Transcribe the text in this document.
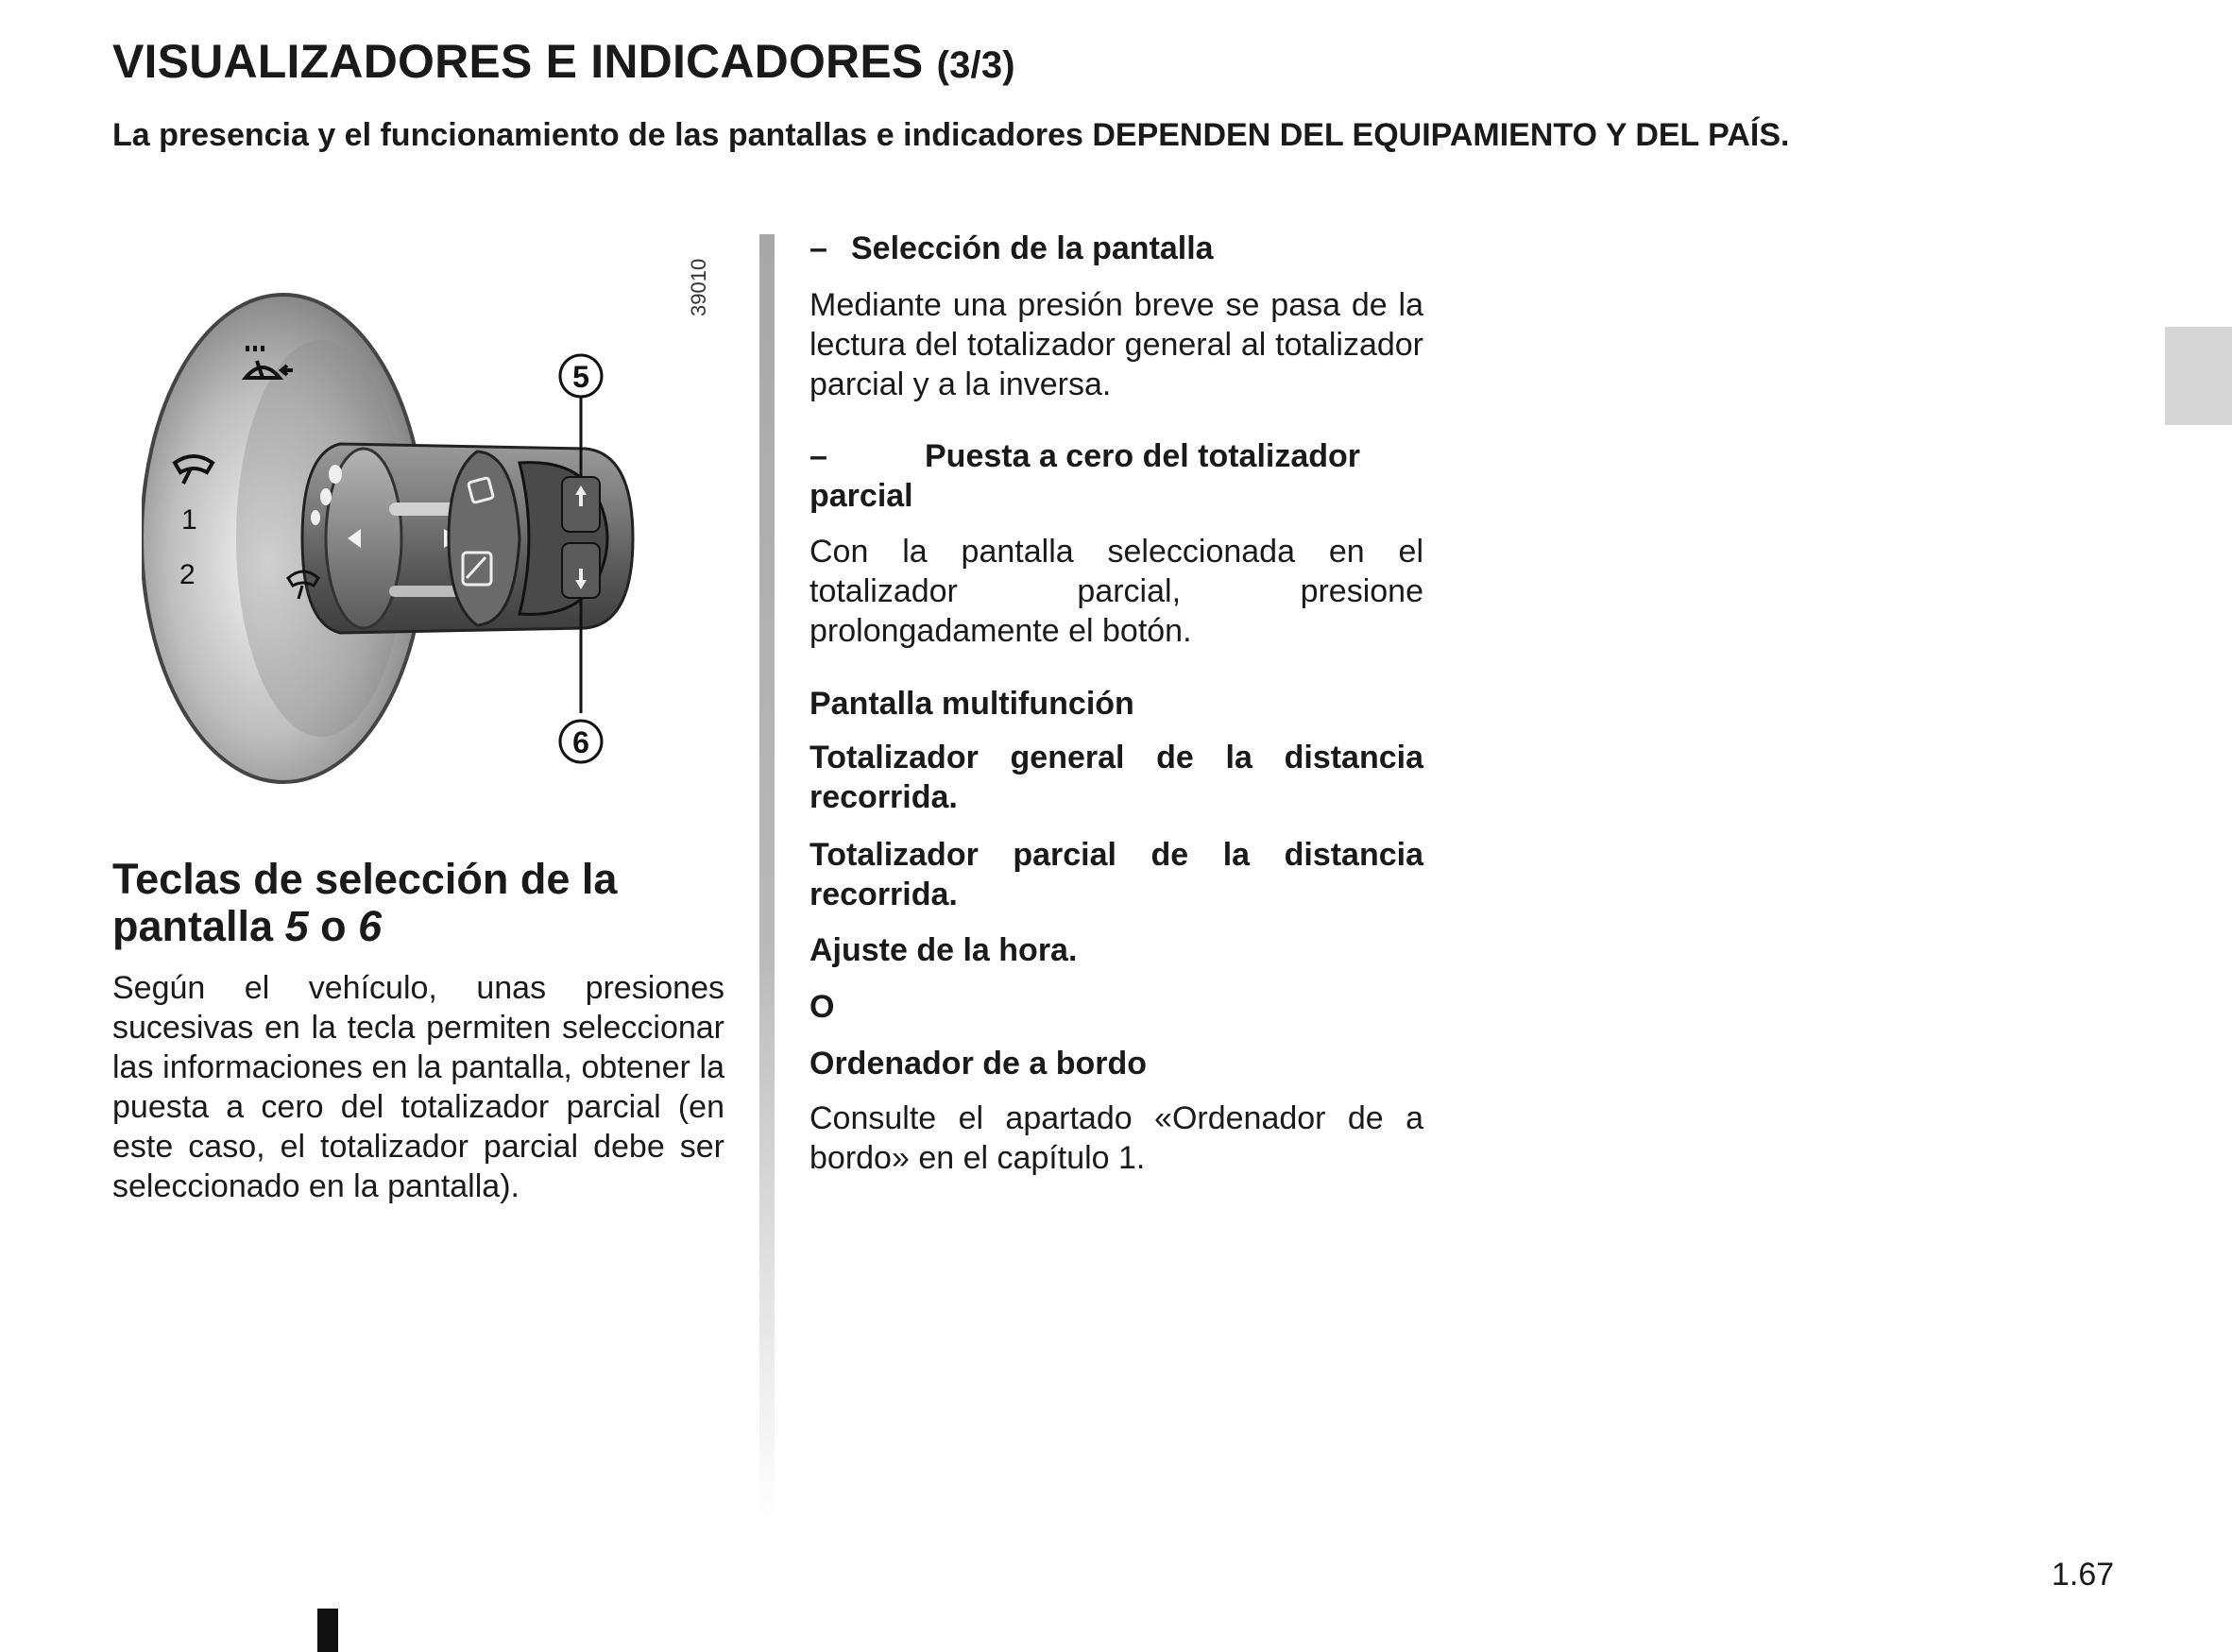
VISUALIZADORES E INDICADORES (3/3)
La presencia y el funcionamiento de las pantallas e indicadores DEPENDEN DEL EQUIPAMIENTO Y DEL PAÍS.
1
2
5
6
39010
Teclas de selección de la
pantalla 5 o 6
Según el vehículo, unas presiones sucesivas en la tecla permiten seleccionar las informaciones en la pantalla, obtener la puesta a cero del totalizador parcial (en este caso, el totalizador parcial debe ser seleccionado en la pantalla).
– Selección de la pantalla
Mediante una presión breve se pasa de la lectura del totalizador general al totalizador parcial y a la inversa.
–	Puesta a cero del totalizador parcial
Con la pantalla seleccionada en el totalizador parcial, presione prolongadamente el botón.
Pantalla multifunción
Totalizador general de la distancia recorrida.
Totalizador parcial de la distancia recorrida.
Ajuste de la hora.
O
Ordenador de a bordo
Consulte el apartado «Ordenador de a bordo» en el capítulo 1.
1.67
